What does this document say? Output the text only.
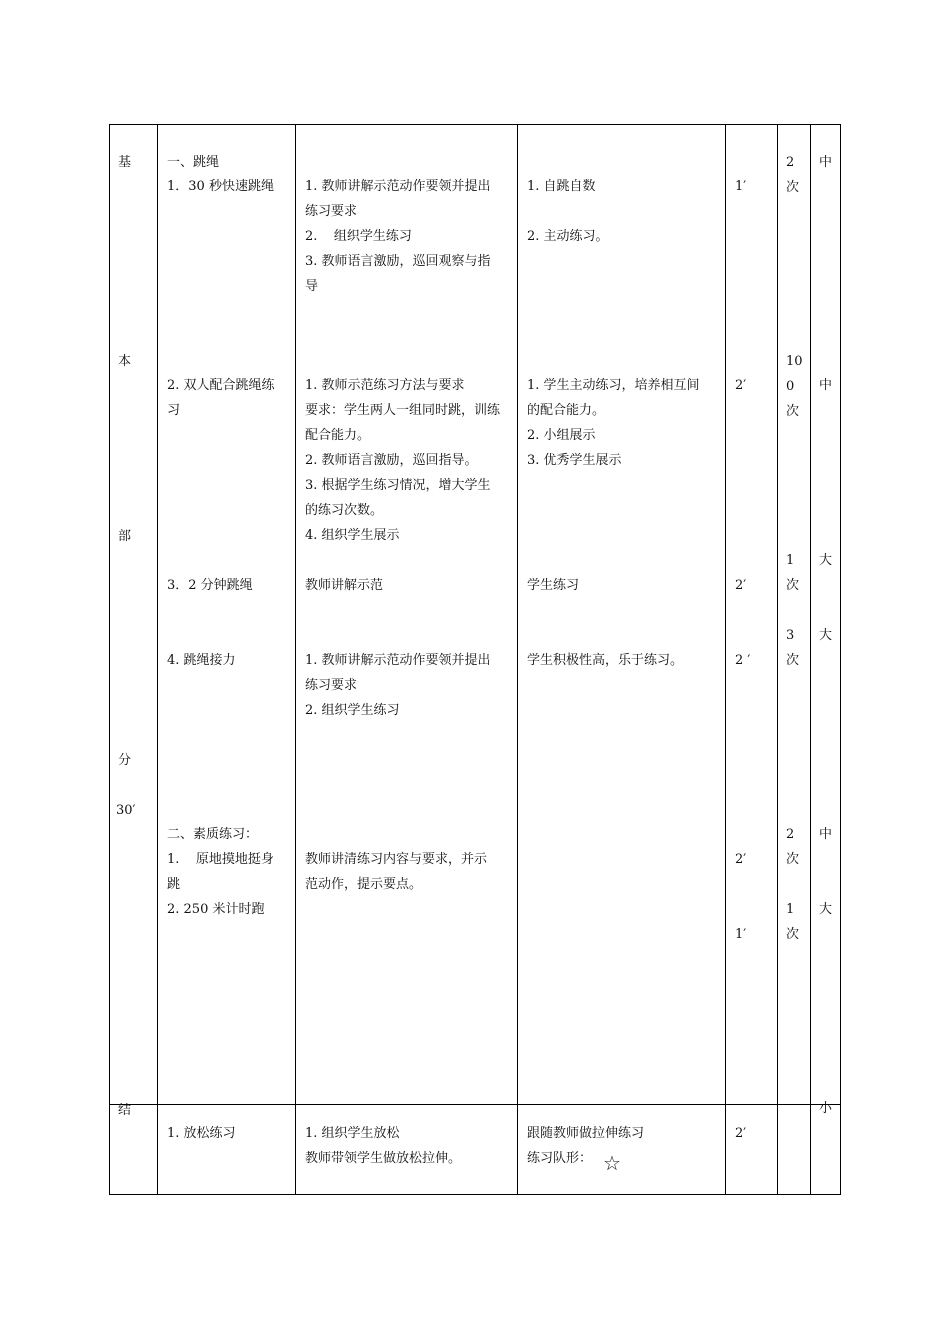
基
本
部
分
30′
结
一、跳绳

1．30 秒快速跳绳

2. 双人配合跳绳练

习

3．2 分钟跳绳

4. 跳绳接力

二、素质练习：

1.    原地摸地挺身

跳

2. 250 米计时跑

1. 教师讲解示范动作要领并提出

练习要求

2.    组织学生练习

3. 教师语言激励，巡回观察与指

导

1. 教师示范练习方法与要求

要求：学生两人一组同时跳，训练

配合能力。

2. 教师语言激励，巡回指导。

3. 根据学生练习情况，增大学生

的练习次数。

4. 组织学生展示

教师讲解示范

1. 教师讲解示范动作要领并提出

练习要求

2. 组织学生练习

教师讲清练习内容与要求，并示

范动作，提示要点。

1. 自跳自数

2. 主动练习。

1. 学生主动练习，培养相互间

的配合能力。

2. 小组展示

3. 优秀学生展示

学生练习

学生积极性高，乐于练习。

1′
2′
2′
2 ′
2′
1′

2

次

10

0

次

1

次

3

次

2

次

1

次

中
中
大
大
中
大

1. 放松练习	1. 组织学生放松

教师带领学生做放松拉伸。

跟随教师做拉伸练习

练习队形： ☆
2′
小
